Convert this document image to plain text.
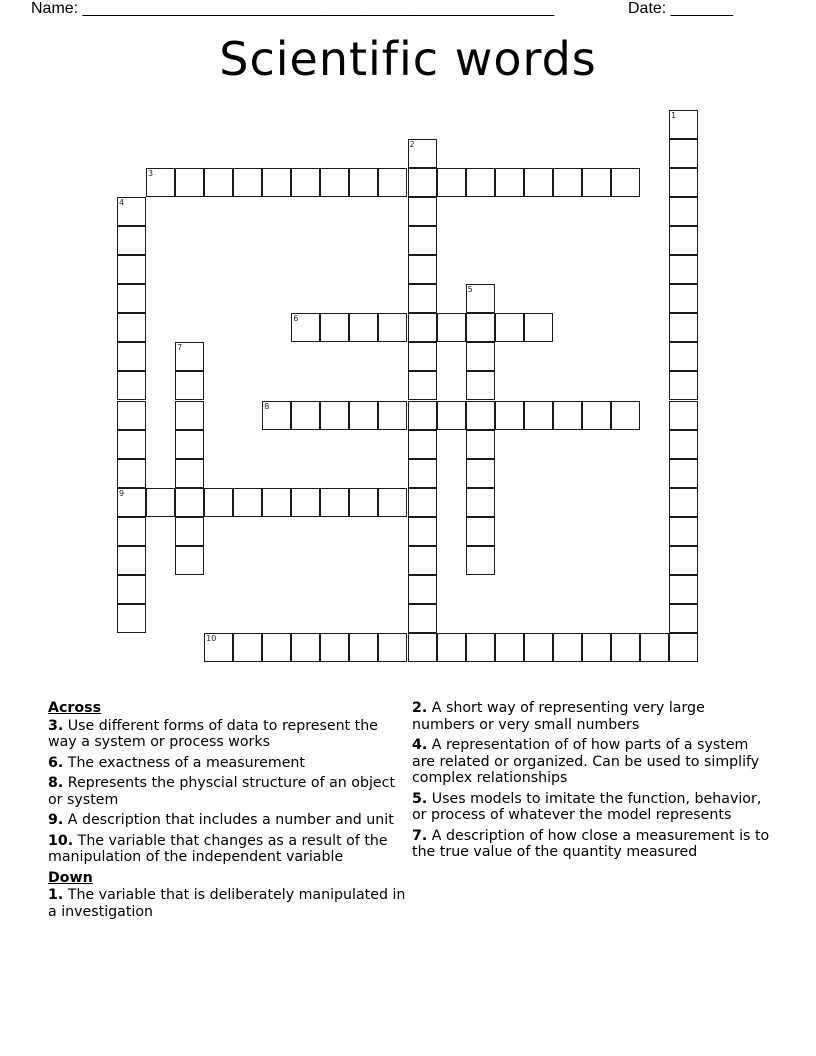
Name: _____________________________________________________	Date: _______
Scientific words
1
2
3
4
9
5
6
7
8
10
Across
3. Use different forms of data to represent the way a system or process works
6. The exactness of a measurement
8. Represents the physcial structure of an object or system
9. A description that includes a number and unit
10. The variable that changes as a result of the manipulation of the independent variable
Down
1. The variable that is deliberately manipulated in a investigation
2. A short way of representing very large numbers or very small numbers
4. A representation of of how parts of a system are related or organized. Can be used to simplify complex relationships
5. Uses models to imitate the function, behavior, or process of whatever the model represents
7. A description of how close a measurement is to the true value of the quantity measured
